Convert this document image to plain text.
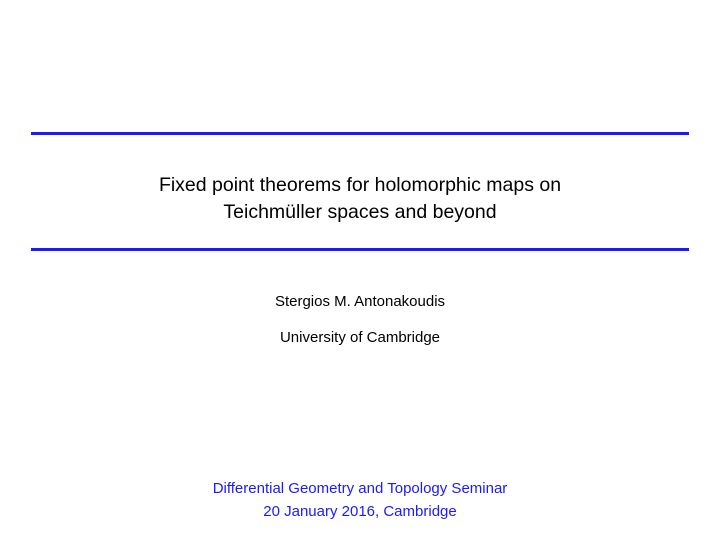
Fixed point theorems for holomorphic maps on
Teichmüller spaces and beyond
Stergios M. Antonakoudis
University of Cambridge
Differential Geometry and Topology Seminar
20 January 2016, Cambridge
